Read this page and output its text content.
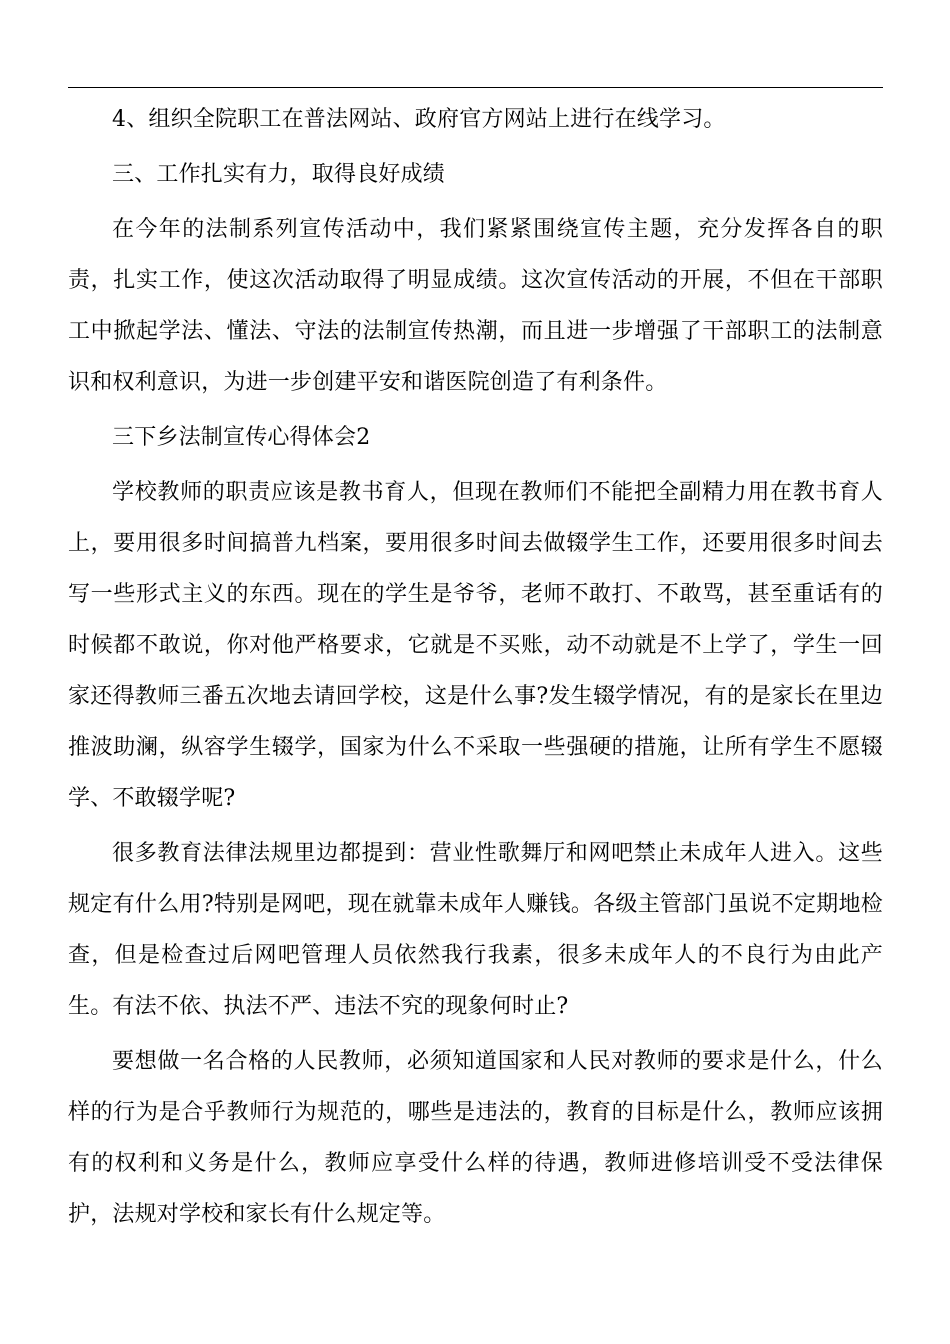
4、组织全院职工在普法网站、政府官方网站上进行在线学习。

三、工作扎实有力，取得良好成绩

在今年的法制系列宣传活动中，我们紧紧围绕宣传主题，充分发挥各自的职责，扎实工作，使这次活动取得了明显成绩。这次宣传活动的开展，不但在干部职工中掀起学法、懂法、守法的法制宣传热潮，而且进一步增强了干部职工的法制意识和权利意识，为进一步创建平安和谐医院创造了有利条件。

三下乡法制宣传心得体会2

学校教师的职责应该是教书育人，但现在教师们不能把全副精力用在教书育人上，要用很多时间搞普九档案，要用很多时间去做辍学生工作，还要用很多时间去写一些形式主义的东西。现在的学生是爷爷，老师不敢打、不敢骂，甚至重话有的时候都不敢说，你对他严格要求，它就是不买账，动不动就是不上学了，学生一回家还得教师三番五次地去请回学校，这是什么事?发生辍学情况，有的是家长在里边推波助澜，纵容学生辍学，国家为什么不采取一些强硬的措施，让所有学生不愿辍学、不敢辍学呢?

很多教育法律法规里边都提到：营业性歌舞厅和网吧禁止未成年人进入。这些规定有什么用?特别是网吧，现在就靠未成年人赚钱。各级主管部门虽说不定期地检查，但是检查过后网吧管理人员依然我行我素，很多未成年人的不良行为由此产生。有法不依、执法不严、违法不究的现象何时止?

要想做一名合格的人民教师，必须知道国家和人民对教师的要求是什么，什么样的行为是合乎教师行为规范的，哪些是违法的，教育的目标是什么，教师应该拥有的权利和义务是什么，教师应享受什么样的待遇，教师进修培训受不受法律保护，法规对学校和家长有什么规定等。
